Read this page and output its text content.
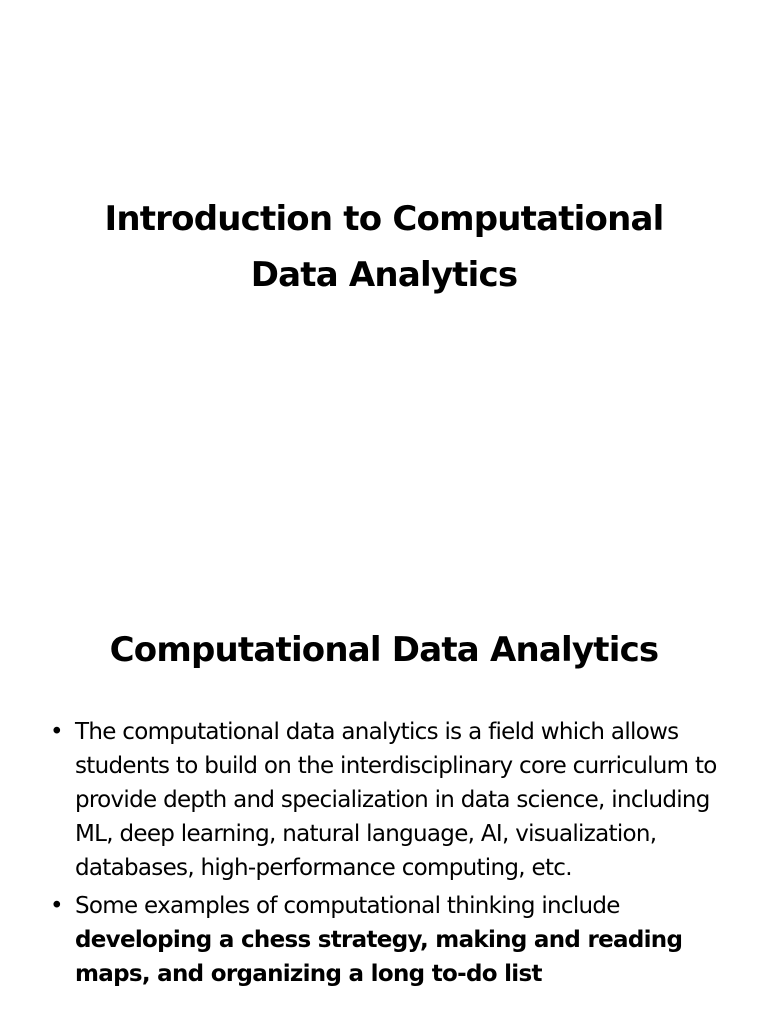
Introduction to Computational
Data Analytics
Computational Data Analytics
• The computational data analytics is a field which allows students to build on the interdisciplinary core curriculum to provide depth and specialization in data science, including ML, deep learning, natural language, AI, visualization, databases, high-performance computing, etc.
• Some examples of computational thinking include developing a chess strategy, making and reading maps, and organizing a long to-do list
